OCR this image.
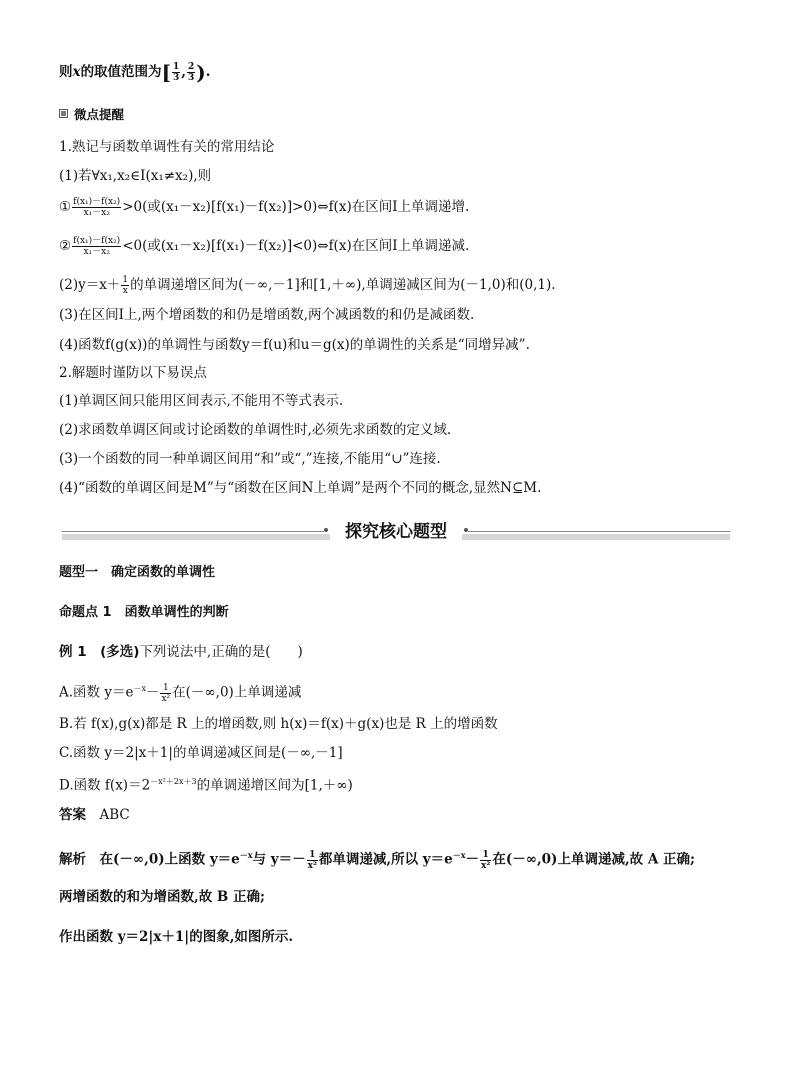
则x的取值范围为[ $\frac{1}{3}$ , $\frac{2}{3}$ ).
微点提醒
1.熟记与函数单调性有关的常用结论
(1)若∀x₁,x₂∈I(x₁≠x₂),则
① $\frac{\text{f(x₁)－f(x₂)}}{\text{x₁－x₂}} >0$(或(x₁－x₂)[f(x₁)－f(x₂)]>0)⇔f(x)在区间I上单调递增.
② $\frac{\text{f(x₁)－f(x₂)}}{\text{x₁－x₂}} <0$(或(x₁－x₂)[f(x₁)－f(x₂)]<0)⇔f(x)在区间I上单调递减.
$(2)y=x+ \frac{1}{x}$ 的单调递增区间为(－∞,－1]和[1,＋∞),单调递减区间为(－1,0)和(0,1).
(3)在区间I上,两个增函数的和仍是增函数,两个减函数的和仍是减函数.
(4)函数f(g(x))的单调性与函数y＝f(u)和u＝g(x)的单调性的关系是“同增异减”.
2.解题时谨防以下易误点
(1)单调区间只能用区间表示,不能用不等式表示.
(2)求函数单调区间或讨论函数的单调性时,必须先求函数的定义域.
(3)一个函数的同一种单调区间用“和”或“,”连接,不能用“∪”连接.
(4)“函数的单调区间是M”与“函数在区间N上单调”是两个不同的概念,显然N⊆M.
探究核心题型
题型一　确定函数的单调性
命题点 1　函数单调性的判断
例 1　 (多选)下列说法中,正确的是(　　)
A.函数 $y=e^{-x}- \frac{1}{\text{x²}}$ 在(－∞,0)上单调递减
B.若 f(x),g(x)都是 R 上的增函数,则 h(x)＝f(x)＋g(x)也是 R 上的增函数
C.函数 y＝2|x＋1|的单调递减区间是(－∞,－1]
D.函数 $f(x)=2^{-x^2+2x+3}$的单调递增区间为[1,＋∞)
答案　 ABC
解析　 在(－∞,0)上函数 $y=e^{-x}$与 $y=- \frac{1}{\text{x²}}$ 都单调递减,所以 $y=e^{-x}- \frac{1}{\text{x²}}$ 在(－∞,0)上单调递减,故 A 正确;
两增函数的和为增函数,故 B 正确;
作出函数 y＝2|x＋1|的图象,如图所示.
